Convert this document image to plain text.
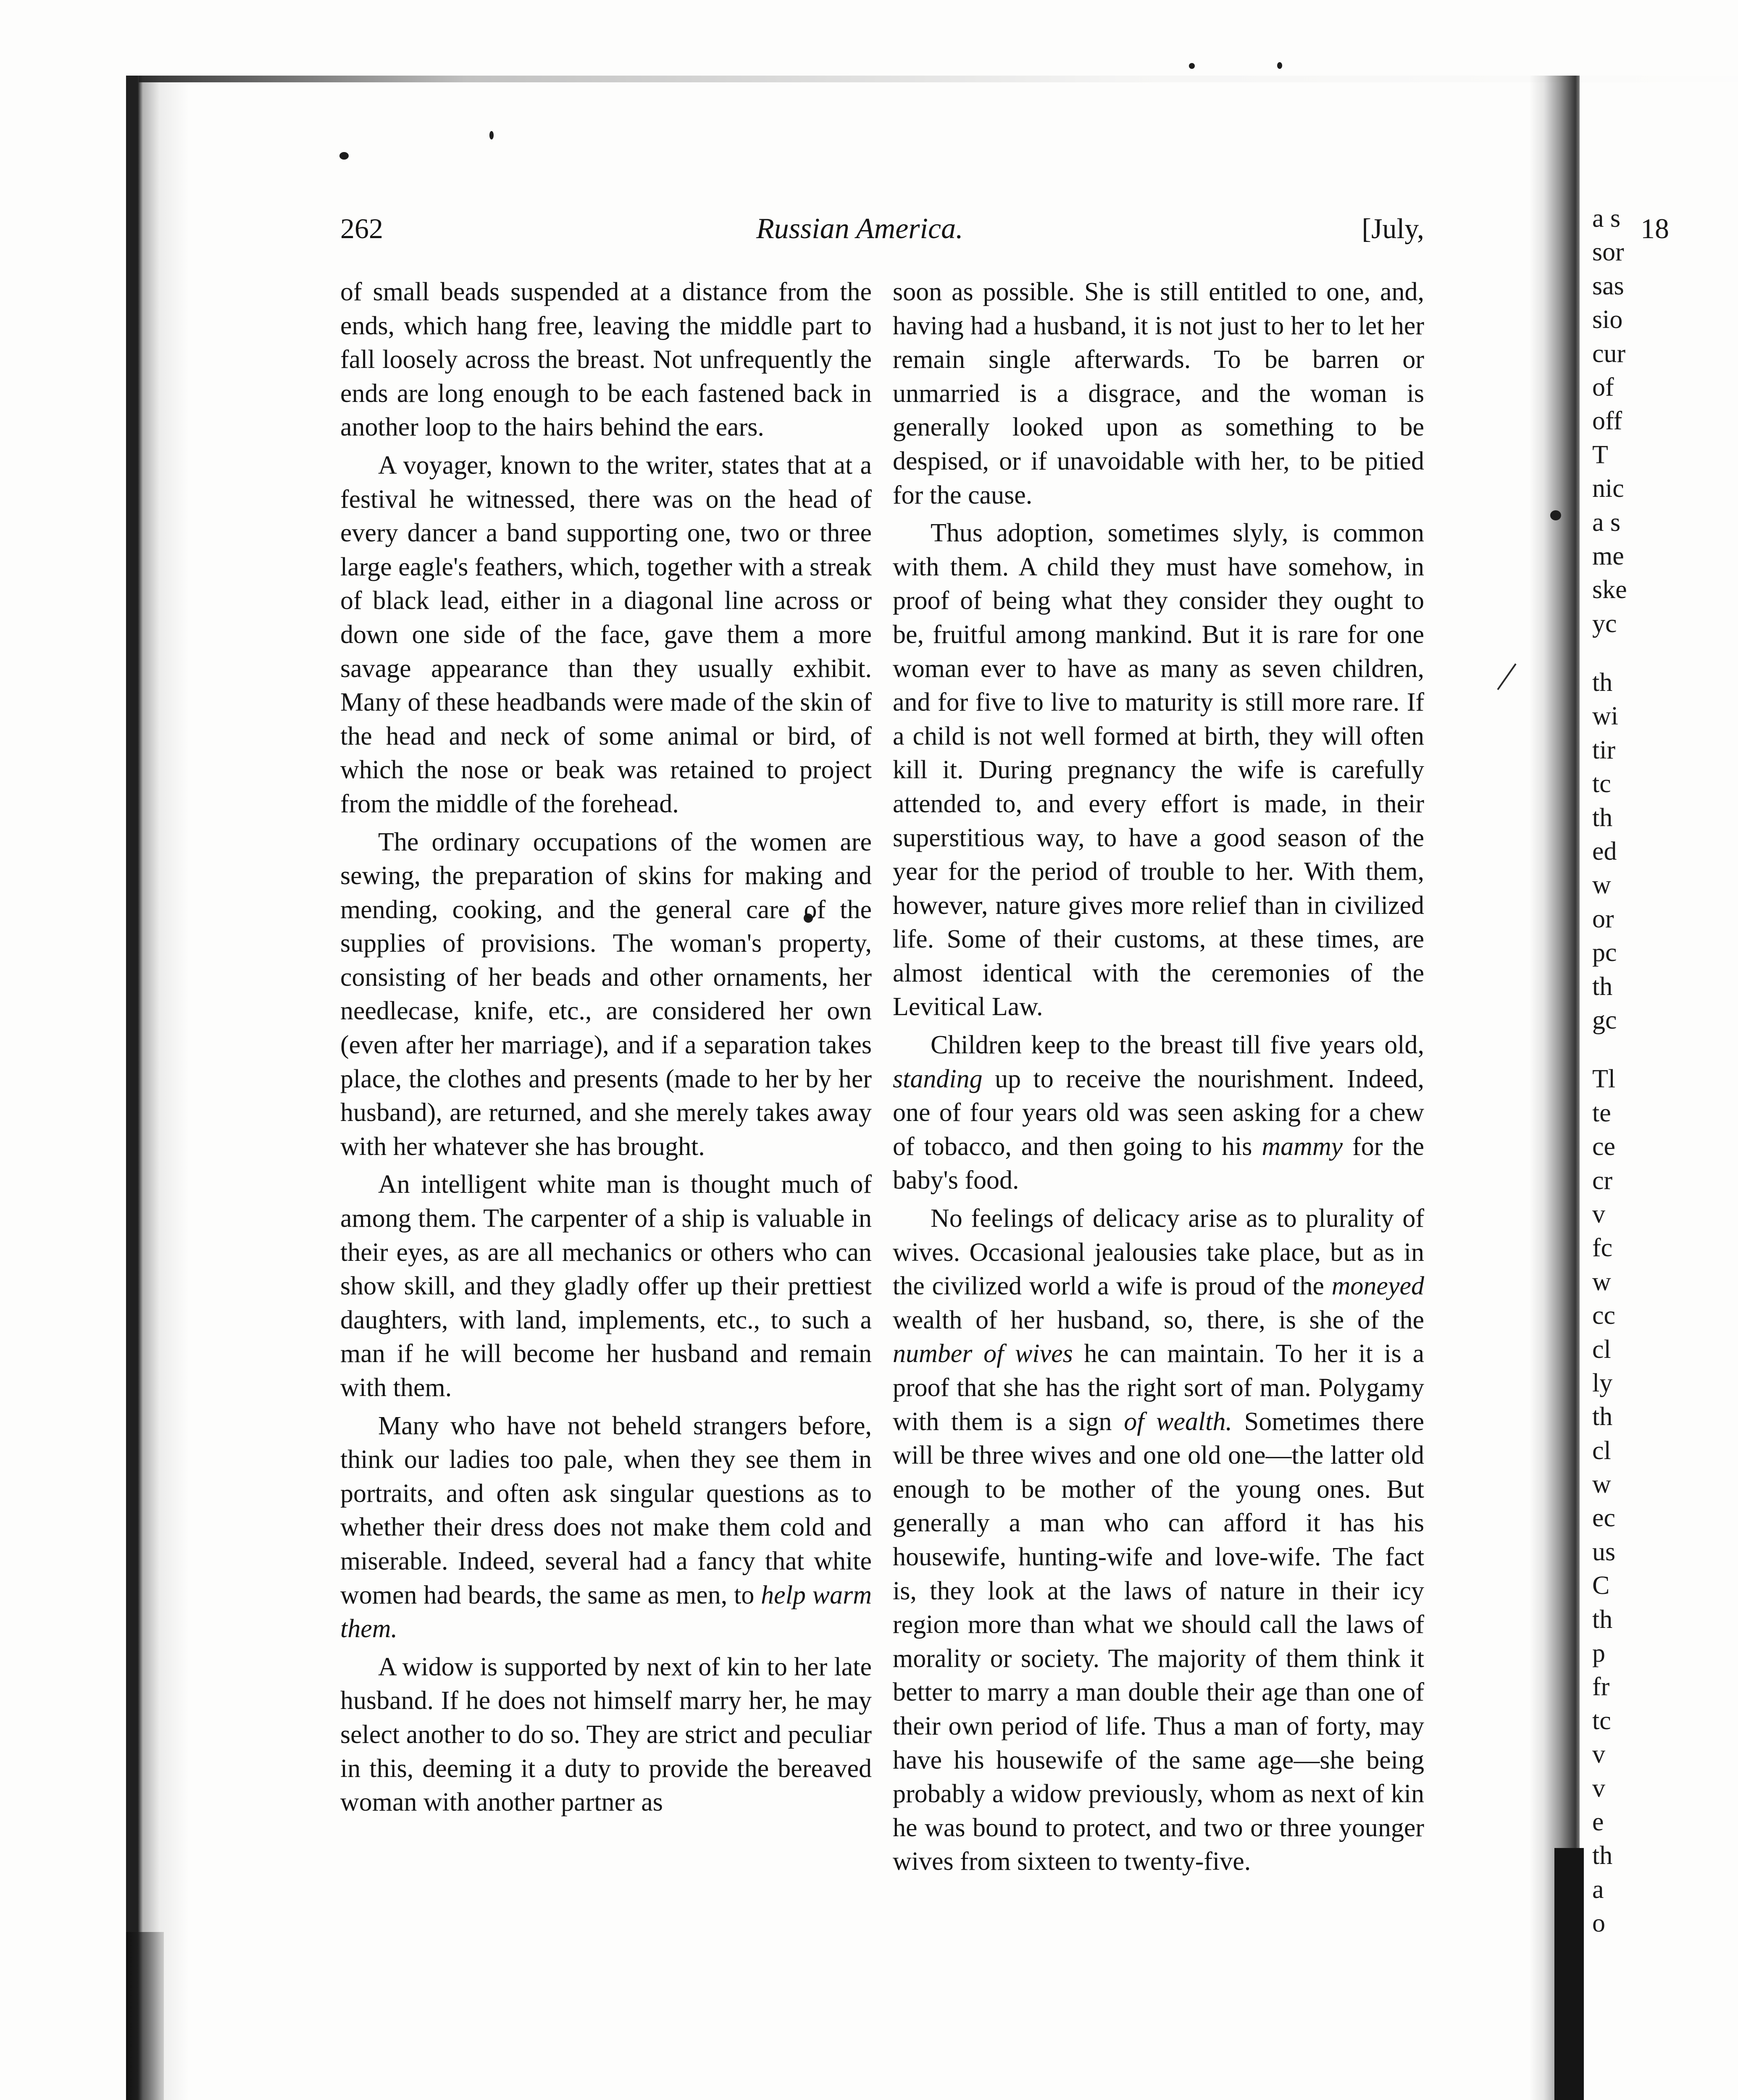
262	Russian America.	[July,

of small beads suspended at a distance from the ends, which hang free, leaving the middle part to fall loosely across the breast. Not unfrequently the ends are long enough to be each fastened back in another loop to the hairs behind the ears.

A voyager, known to the writer, states that at a festival he witnessed, there was on the head of every dancer a band supporting one, two or three large eagle's feathers, which, together with a streak of black lead, either in a diagonal line across or down one side of the face, gave them a more savage appearance than they usually exhibit. Many of these headbands were made of the skin of the head and neck of some animal or bird, of which the nose or beak was retained to project from the middle of the forehead.

The ordinary occupations of the women are sewing, the preparation of skins for making and mending, cooking, and the general care of the supplies of provisions. The woman's property, consisting of her beads and other ornaments, her needlecase, knife, etc., are considered her own (even after her marriage), and if a separation takes place, the clothes and presents (made to her by her husband), are returned, and she merely takes away with her whatever she has brought.

An intelligent white man is thought much of among them. The carpenter of a ship is valuable in their eyes, as are all mechanics or others who can show skill, and they gladly offer up their prettiest daughters, with land, implements, etc., to such a man if he will become her husband and remain with them.

Many who have not beheld strangers before, think our ladies too pale, when they see them in portraits, and often ask singular questions as to whether their dress does not make them cold and miserable. Indeed, several had a fancy that white women had beards, the same as men, to help warm them.

A widow is supported by next of kin to her late husband. If he does not himself marry her, he may select another to do so. They are strict and peculiar in this, deeming it a duty to provide the bereaved woman with another partner as

soon as possible. She is still entitled to one, and, having had a husband, it is not just to her to let her remain single afterwards. To be barren or unmarried is a disgrace, and the woman is generally looked upon as something to be despised, or if unavoidable with her, to be pitied for the cause.

Thus adoption, sometimes slyly, is common with them. A child they must have somehow, in proof of being what they consider they ought to be, fruitful among mankind. But it is rare for one woman ever to have as many as seven children, and for five to live to maturity is still more rare. If a child is not well formed at birth, they will often kill it. During pregnancy the wife is carefully attended to, and every effort is made, in their superstitious way, to have a good season of the year for the period of trouble to her. With them, however, nature gives more relief than in civilized life. Some of their customs, at these times, are almost identical with the ceremonies of the Levitical Law.

Children keep to the breast till five years old, standing up to receive the nourishment. Indeed, one of four years old was seen asking for a chew of tobacco, and then going to his mammy for the baby's food.

No feelings of delicacy arise as to plurality of wives. Occasional jealousies take place, but as in the civilized world a wife is proud of the moneyed wealth of her husband, so, there, is she of the number of wives he can maintain. To her it is a proof that she has the right sort of man. Polygamy with them is a sign of wealth. Sometimes there will be three wives and one old one—the latter old enough to be mother of the young ones. But generally a man who can afford it has his housewife, hunting-wife and love-wife. The fact is, they look at the laws of nature in their icy region more than what we should call the laws of morality or society. The majority of them think it better to marry a man double their age than one of their own period of life. Thus a man of forty, may have his housewife of the same age—she being probably a widow previously, whom as next of kin he was bound to protect, and two or three younger wives from sixteen to twenty-five.

18
a s
sor
sas
sio
cur
of
off
T
nic
a s
me
ske
yc
th
wi
tir
tc
th
ed
w
or
pc
th
gc
Tl
te
ce
cr
v
fc
w
cc
cl
ly
th
cl
w
ec
us
C
th
p
fr
tc
v
v
e
th
a
o
